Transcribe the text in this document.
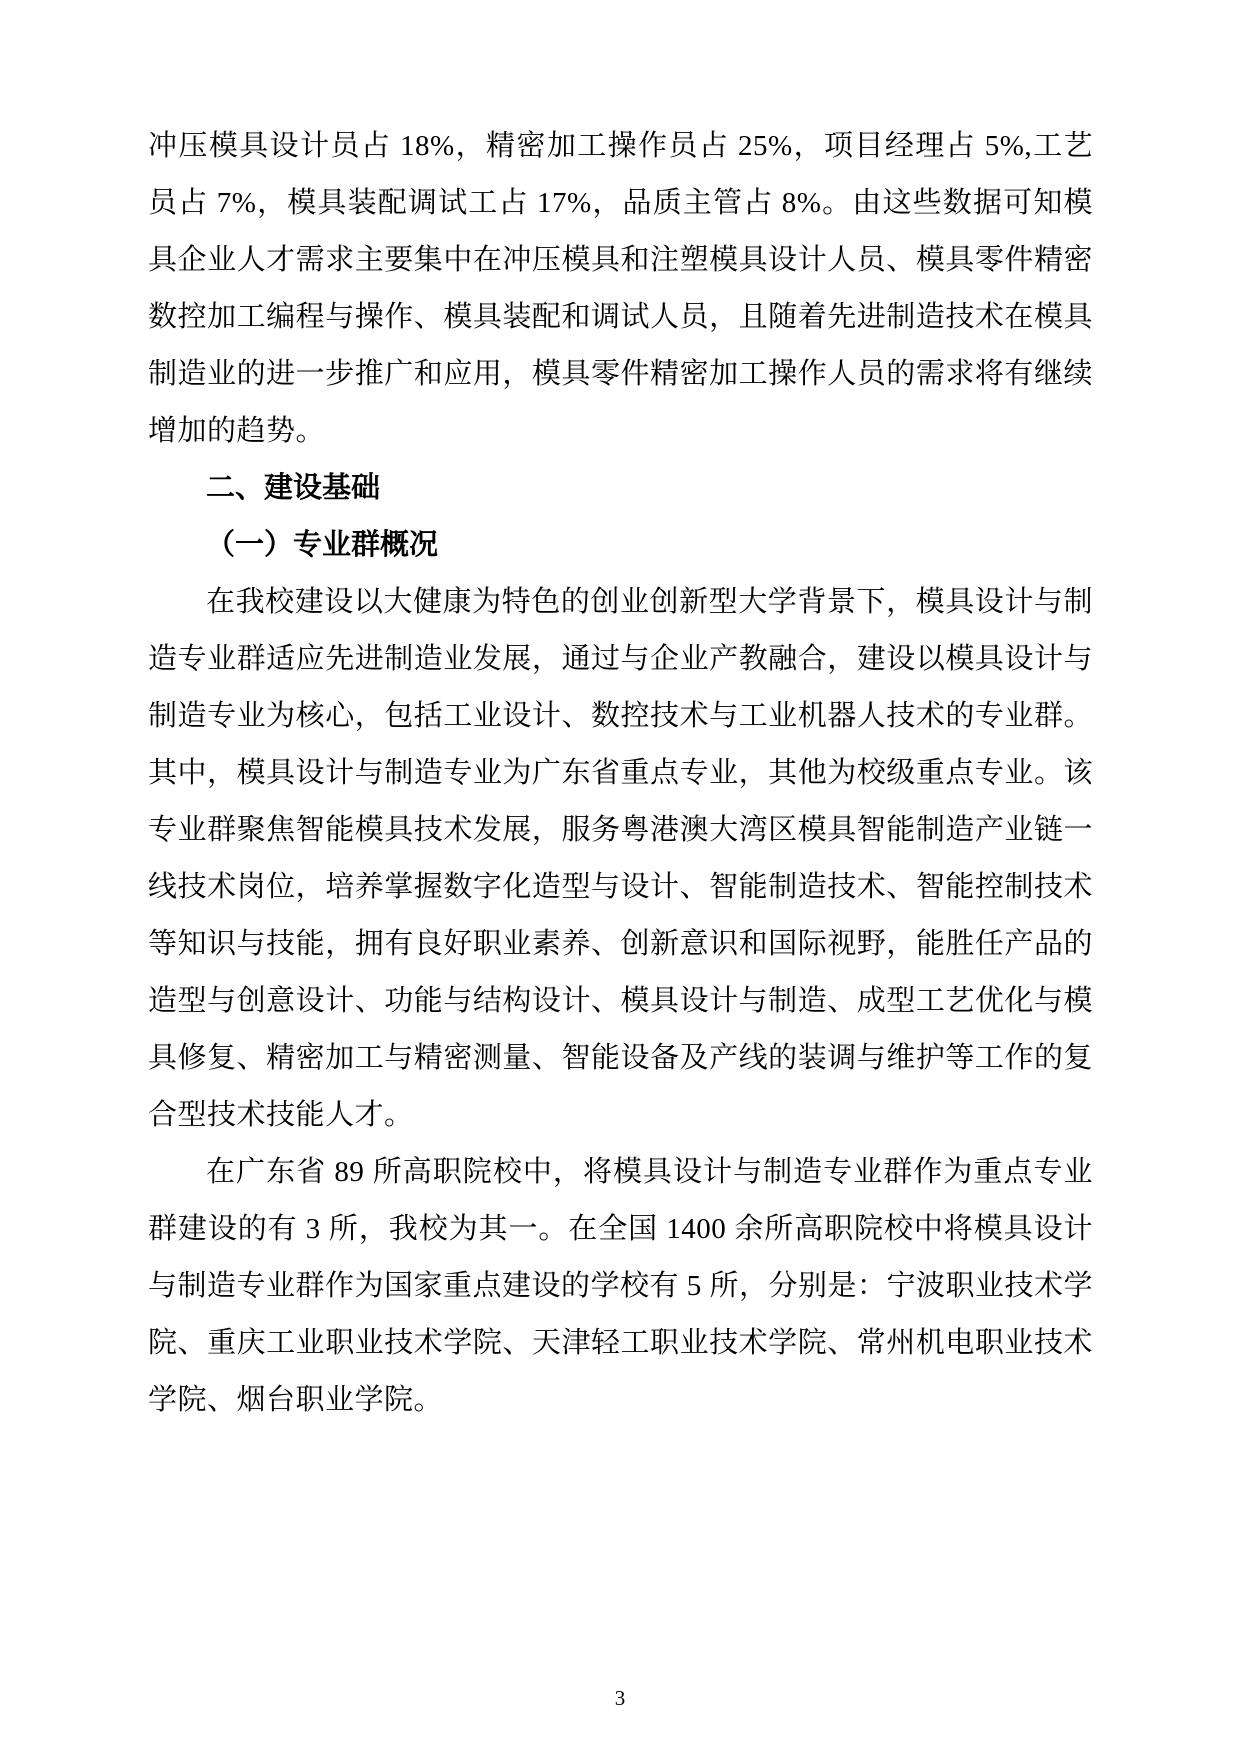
冲压模具设计员占 18%，精密加工操作员占 25%，项目经理占 5%,工艺员占 7%，模具装配调试工占 17%，品质主管占 8%。由这些数据可知模具企业人才需求主要集中在冲压模具和注塑模具设计人员、模具零件精密数控加工编程与操作、模具装配和调试人员，且随着先进制造技术在模具制造业的进一步推广和应用，模具零件精密加工操作人员的需求将有继续增加的趋势。

二、建设基础
（一）专业群概况

在我校建设以大健康为特色的创业创新型大学背景下，模具设计与制造专业群适应先进制造业发展，通过与企业产教融合，建设以模具设计与制造专业为核心，包括工业设计、数控技术与工业机器人技术的专业群。其中，模具设计与制造专业为广东省重点专业，其他为校级重点专业。该专业群聚焦智能模具技术发展，服务粤港澳大湾区模具智能制造产业链一线技术岗位，培养掌握数字化造型与设计、智能制造技术、智能控制技术等知识与技能，拥有良好职业素养、创新意识和国际视野，能胜任产品的造型与创意设计、功能与结构设计、模具设计与制造、成型工艺优化与模具修复、精密加工与精密测量、智能设备及产线的装调与维护等工作的复合型技术技能人才。

在广东省 89 所高职院校中，将模具设计与制造专业群作为重点专业群建设的有 3 所，我校为其一。在全国 1400 余所高职院校中将模具设计与制造专业群作为国家重点建设的学校有 5 所，分别是：宁波职业技术学院、重庆工业职业技术学院、天津轻工职业技术学院、常州机电职业技术学院、烟台职业学院。

3
